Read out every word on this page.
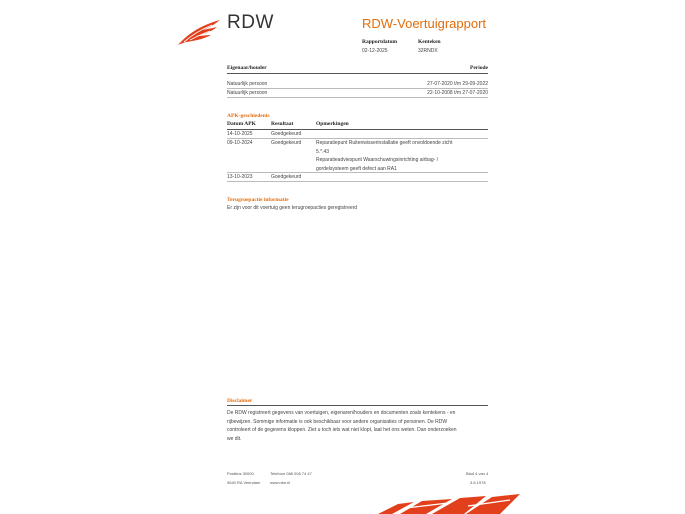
RDW	RDW-Voertuigrapport
Rapportdatum
02-12-2025
Kenteken
32RNDX
Eigenaar/houder	Periode
Natuurlijk persoon	27-07-2020 t/m 29-09-2022
Natuurlijk persoon	22-10-2008 t/m 27-07-2020
APK-geschiedenis
Datum APK	Resultaat	Opmerkingen
14-10-2025	Goedgekeurd
09-10-2024	Goedgekeurd	Reparatiepunt Ruitenwisserinstallatie geeft onvoldoende zicht
5.*.43
Reparatieadviespunt Waarschuwingsinrichting airbag- /
gordelsysteem geeft defect aan RA1
13-10-2023	Goedgekeurd
Terugroepactie informatie
Er zijn voor dit voertuig geen terugroepacties geregistreerd
Disclaimer
De RDW registreert gegevens van voertuigen, eigenaren/houders en documenten zoals kentekens - en
rijbewijzen. Sommige informatie is ook beschikbaar voor andere organisaties of personen. De RDW
controleert of de gegevens kloppen. Ziet u toch iets wat niet klopt, laat het ons weten. Dan onderzoeken
we dit.
Postbus 30000
9640 RA Veendam
Telefoon 088 008 74 47
www.rdw.nl
Blad 4 van 4
3.6.1978
